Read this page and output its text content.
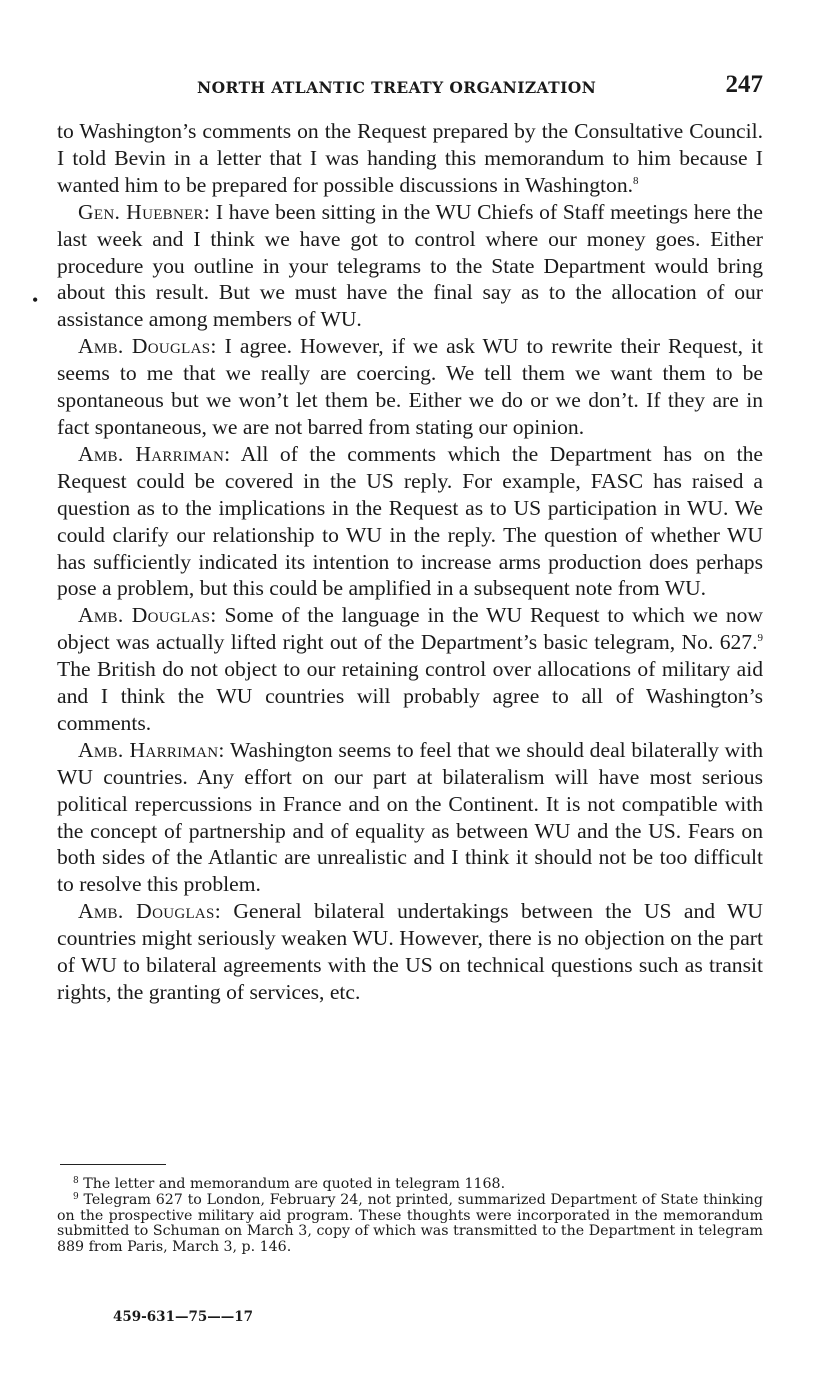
NORTH ATLANTIC TREATY ORGANIZATION	247
•

to Washington’s comments on the Request prepared by the Consultative Council. I told Bevin in a letter that I was handing this memorandum to him because I wanted him to be prepared for possible discussions in Washington.$^8$

Gen. Huebner: I have been sitting in the WU Chiefs of Staff meetings here the last week and I think we have got to control where our money goes. Either procedure you outline in your telegrams to the State Department would bring about this result. But we must have the final say as to the allocation of our assistance among members of WU.

Amb. Douglas: I agree. However, if we ask WU to rewrite their Request, it seems to me that we really are coercing. We tell them we want them to be spontaneous but we won’t let them be. Either we do or we don’t. If they are in fact spontaneous, we are not barred from stating our opinion.

Amb. Harriman: All of the comments which the Department has on the Request could be covered in the US reply. For example, FASC has raised a question as to the implications in the Request as to US participation in WU. We could clarify our relationship to WU in the reply. The question of whether WU has sufficiently indicated its intention to increase arms production does perhaps pose a problem, but this could be amplified in a subsequent note from WU.

Amb. Douglas: Some of the language in the WU Request to which we now object was actually lifted right out of the Department’s basic telegram, No. 627.$^9$ The British do not object to our retaining control over allocations of military aid and I think the WU countries will probably agree to all of Washington’s comments.

Amb. Harriman: Washington seems to feel that we should deal bilaterally with WU countries. Any effort on our part at bilateralism will have most serious political repercussions in France and on the Continent. It is not compatible with the concept of partnership and of equality as between WU and the US. Fears on both sides of the Atlantic are unrealistic and I think it should not be too difficult to resolve this problem.

Amb. Douglas: General bilateral undertakings between the US and WU countries might seriously weaken WU. However, there is no objection on the part of WU to bilateral agreements with the US on technical questions such as transit rights, the granting of services, etc.

$^8$ The letter and memorandum are quoted in telegram 1168.

$^9$ Telegram 627 to London, February 24, not printed, summarized Department of State thinking on the prospective military aid program. These thoughts were incorporated in the memorandum submitted to Schuman on March 3, copy of which was transmitted to the Department in telegram 889 from Paris, March 3, p. 146.

459-631—75——17
